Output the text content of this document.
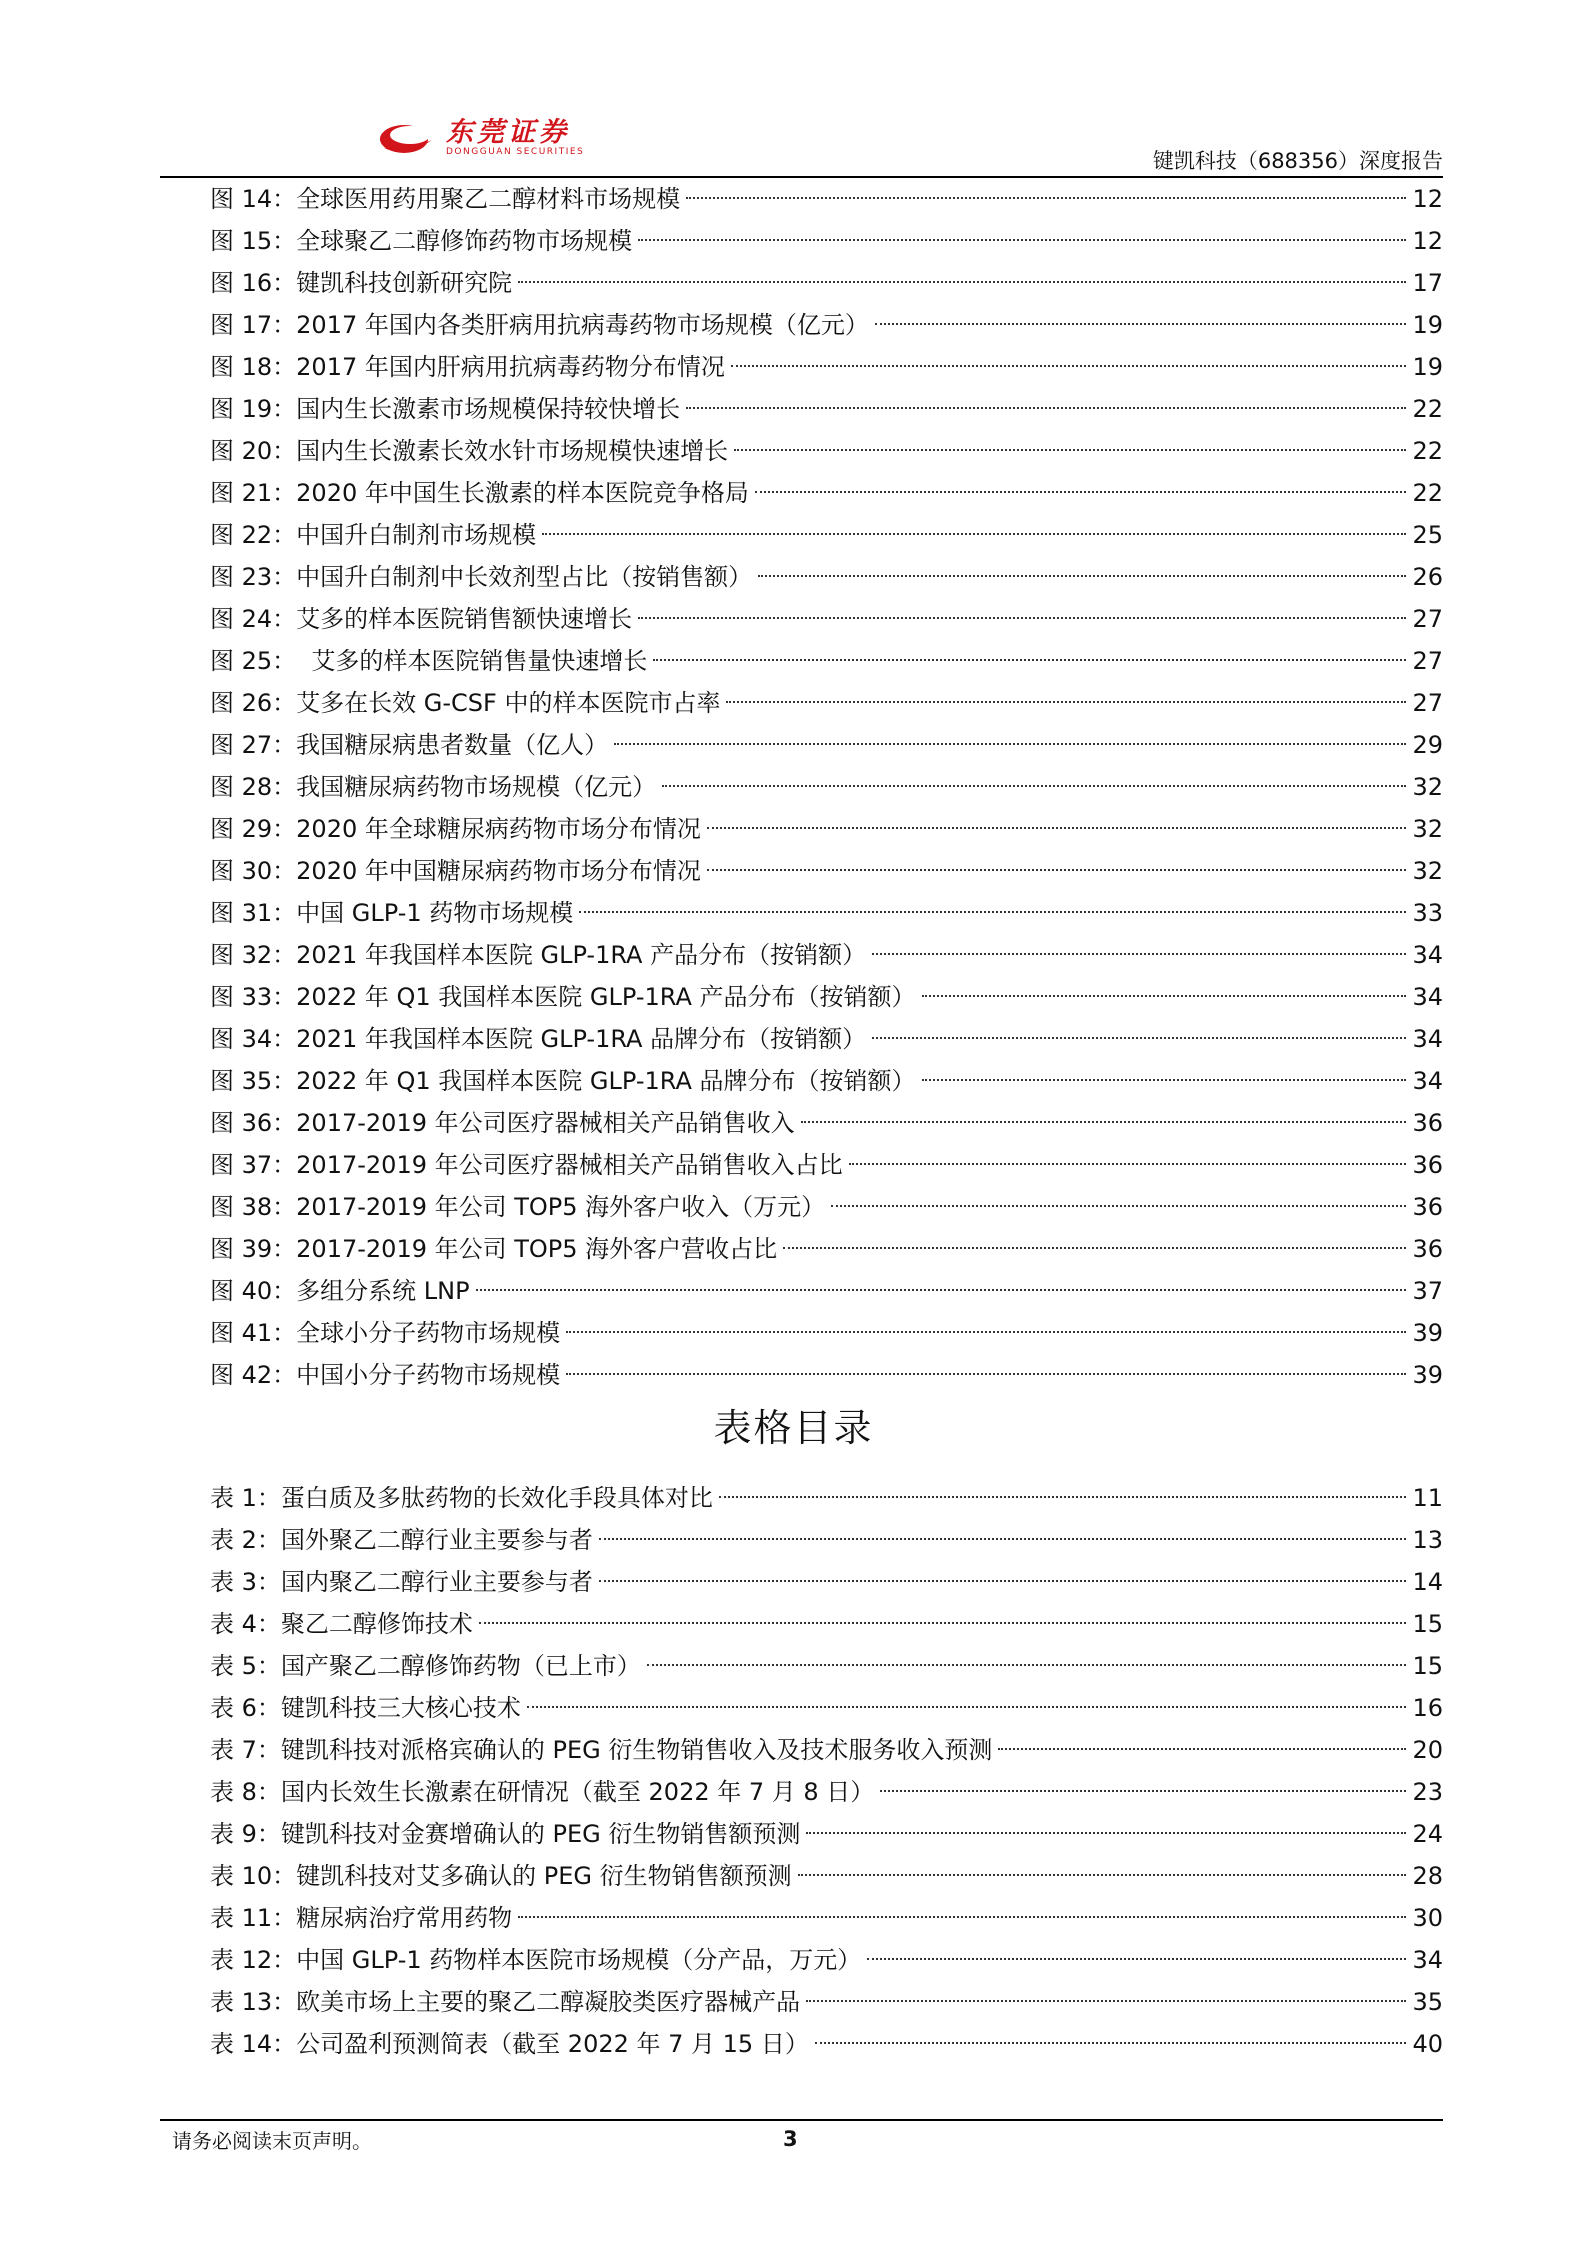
东莞证券
DONGGUAN SECURITIES	键凯科技（688356）深度报告
图 14：全球医用药用聚乙二醇材料市场规模	12
图 15：全球聚乙二醇修饰药物市场规模	12
图 16：键凯科技创新研究院	17
图 17：2017 年国内各类肝病用抗病毒药物市场规模（亿元）	19
图 18：2017 年国内肝病用抗病毒药物分布情况	19
图 19：国内生长激素市场规模保持较快增长	22
图 20：国内生长激素长效水针市场规模快速增长	22
图 21：2020 年中国生长激素的样本医院竞争格局	22
图 22：中国升白制剂市场规模	25
图 23：中国升白制剂中长效剂型占比（按销售额）	26
图 24：艾多的样本医院销售额快速增长	27
图 25：  艾多的样本医院销售量快速增长	27
图 26：艾多在长效 G-CSF 中的样本医院市占率	27
图 27：我国糖尿病患者数量（亿人）	29
图 28：我国糖尿病药物市场规模（亿元）	32
图 29：2020 年全球糖尿病药物市场分布情况	32
图 30：2020 年中国糖尿病药物市场分布情况	32
图 31：中国 GLP-1 药物市场规模	33
图 32：2021 年我国样本医院 GLP-1RA 产品分布（按销额）	34
图 33：2022 年 Q1 我国样本医院 GLP-1RA 产品分布（按销额）	34
图 34：2021 年我国样本医院 GLP-1RA 品牌分布（按销额）	34
图 35：2022 年 Q1 我国样本医院 GLP-1RA 品牌分布（按销额）	34
图 36：2017-2019 年公司医疗器械相关产品销售收入	36
图 37：2017-2019 年公司医疗器械相关产品销售收入占比	36
图 38：2017-2019 年公司 TOP5 海外客户收入（万元）	36
图 39：2017-2019 年公司 TOP5 海外客户营收占比	36
图 40：多组分系统 LNP	37
图 41：全球小分子药物市场规模	39
图 42：中国小分子药物市场规模	39
表格目录
表 1：蛋白质及多肽药物的长效化手段具体对比	11
表 2：国外聚乙二醇行业主要参与者	13
表 3：国内聚乙二醇行业主要参与者	14
表 4：聚乙二醇修饰技术	15
表 5：国产聚乙二醇修饰药物（已上市）	15
表 6：键凯科技三大核心技术	16
表 7：键凯科技对派格宾确认的 PEG 衍生物销售收入及技术服务收入预测	20
表 8：国内长效生长激素在研情况（截至 2022 年 7 月 8 日）	23
表 9：键凯科技对金赛增确认的 PEG 衍生物销售额预测	24
表 10：键凯科技对艾多确认的 PEG 衍生物销售额预测	28
表 11：糖尿病治疗常用药物	30
表 12：中国 GLP-1 药物样本医院市场规模（分产品，万元）	34
表 13：欧美市场上主要的聚乙二醇凝胶类医疗器械产品	35
表 14：公司盈利预测简表（截至 2022 年 7 月 15 日）	40
请务必阅读末页声明。	3
